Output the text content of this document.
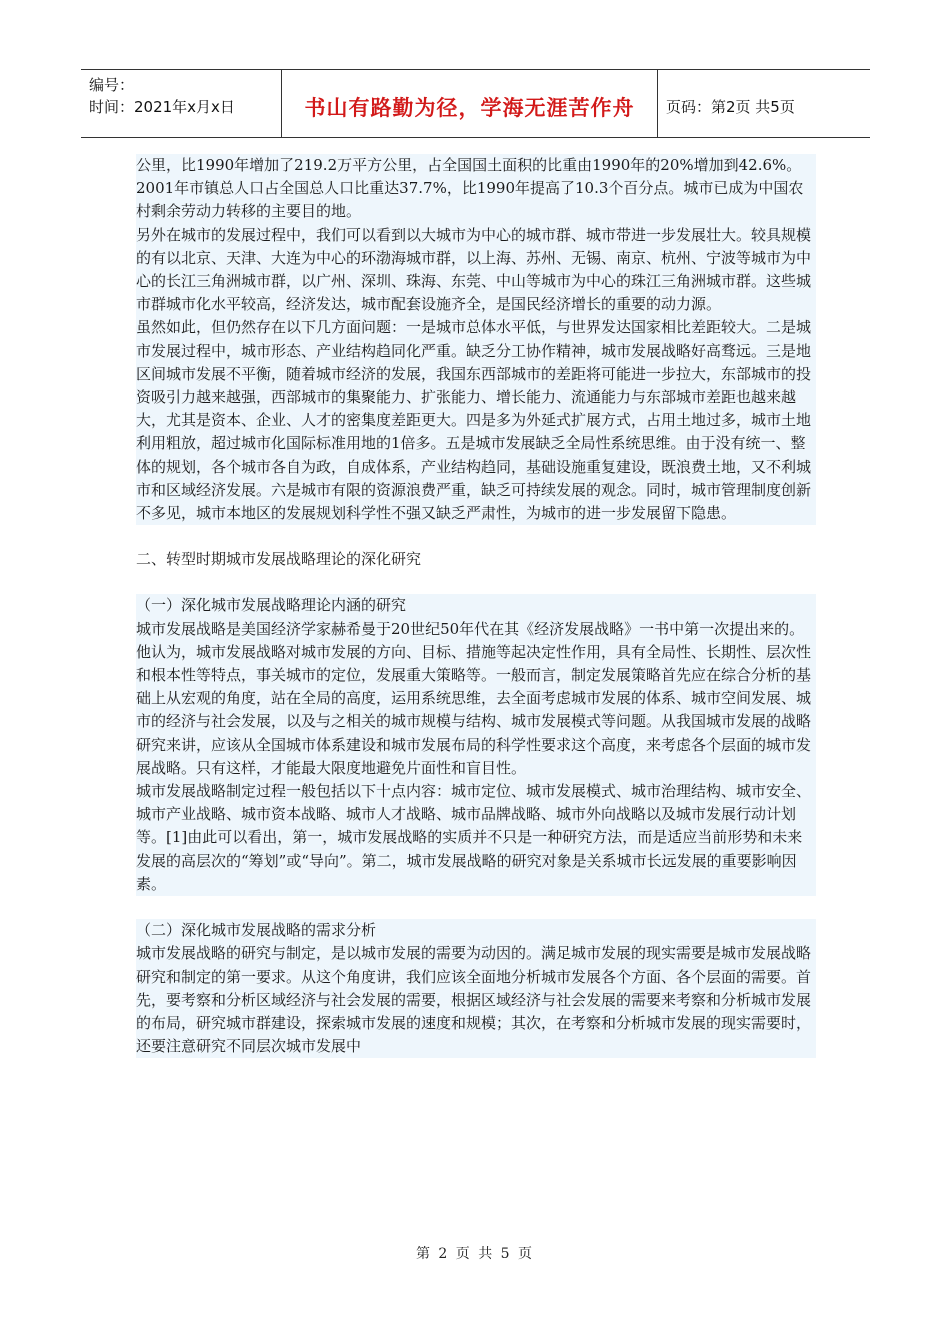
编号：
时间：2021年x月x日	书山有路勤为径，学海无涯苦作舟	页码：第2页 共5页

公里，比1990年增加了219.2万平方公里，占全国国土面积的比重由1990年的20%增加到42.6%。2001年市镇总人口占全国总人口比重达37.7%，比1990年提高了10.3个百分点。城市已成为中国农村剩余劳动力转移的主要目的地。

另外在城市的发展过程中，我们可以看到以大城市为中心的城市群、城市带进一步发展壮大。较具规模的有以北京、天津、大连为中心的环渤海城市群，以上海、苏州、无锡、南京、杭州、宁波等城市为中心的长江三角洲城市群，以广州、深圳、珠海、东莞、中山等城市为中心的珠江三角洲城市群。这些城市群城市化水平较高，经济发达，城市配套设施齐全，是国民经济增长的重要的动力源。

虽然如此，但仍然存在以下几方面问题：一是城市总体水平低，与世界发达国家相比差距较大。二是城市发展过程中，城市形态、产业结构趋同化严重。缺乏分工协作精神，城市发展战略好高骛远。三是地区间城市发展不平衡，随着城市经济的发展，我国东西部城市的差距将可能进一步拉大，东部城市的投资吸引力越来越强，西部城市的集聚能力、扩张能力、增长能力、流通能力与东部城市差距也越来越大，尤其是资本、企业、人才的密集度差距更大。四是多为外延式扩展方式，占用土地过多，城市土地利用粗放，超过城市化国际标准用地的1倍多。五是城市发展缺乏全局性系统思维。由于没有统一、整体的规划，各个城市各自为政，自成体系，产业结构趋同，基础设施重复建设，既浪费土地，又不利城市和区域经济发展。六是城市有限的资源浪费严重，缺乏可持续发展的观念。同时，城市管理制度创新不多见，城市本地区的发展规划科学性不强又缺乏严肃性，为城市的进一步发展留下隐患。

二、转型时期城市发展战略理论的深化研究

（一）深化城市发展战略理论内涵的研究

城市发展战略是美国经济学家赫希曼于20世纪50年代在其《经济发展战略》一书中第一次提出来的。他认为，城市发展战略对城市发展的方向、目标、措施等起决定性作用，具有全局性、长期性、层次性和根本性等特点，事关城市的定位，发展重大策略等。一般而言，制定发展策略首先应在综合分析的基础上从宏观的角度，站在全局的高度，运用系统思维，去全面考虑城市发展的体系、城市空间发展、城市的经济与社会发展，以及与之相关的城市规模与结构、城市发展模式等问题。从我国城市发展的战略研究来讲，应该从全国城市体系建设和城市发展布局的科学性要求这个高度，来考虑各个层面的城市发展战略。只有这样，才能最大限度地避免片面性和盲目性。

城市发展战略制定过程一般包括以下十点内容：城市定位、城市发展模式、城市治理结构、城市安全、城市产业战略、城市资本战略、城市人才战略、城市品牌战略、城市外向战略以及城市发展行动计划等。[1]由此可以看出，第一，城市发展战略的实质并不只是一种研究方法，而是适应当前形势和未来发展的高层次的“筹划”或“导向”。第二，城市发展战略的研究对象是关系城市长远发展的重要影响因素。

（二）深化城市发展战略的需求分析

城市发展战略的研究与制定，是以城市发展的需要为动因的。满足城市发展的现实需要是城市发展战略研究和制定的第一要求。从这个角度讲，我们应该全面地分析城市发展各个方面、各个层面的需要。首先，要考察和分析区域经济与社会发展的需要，根据区域经济与社会发展的需要来考察和分析城市发展的布局，研究城市群建设，探索城市发展的速度和规模；其次，在考察和分析城市发展的现实需要时，还要注意研究不同层次城市发展中

第 2 页 共 5 页
